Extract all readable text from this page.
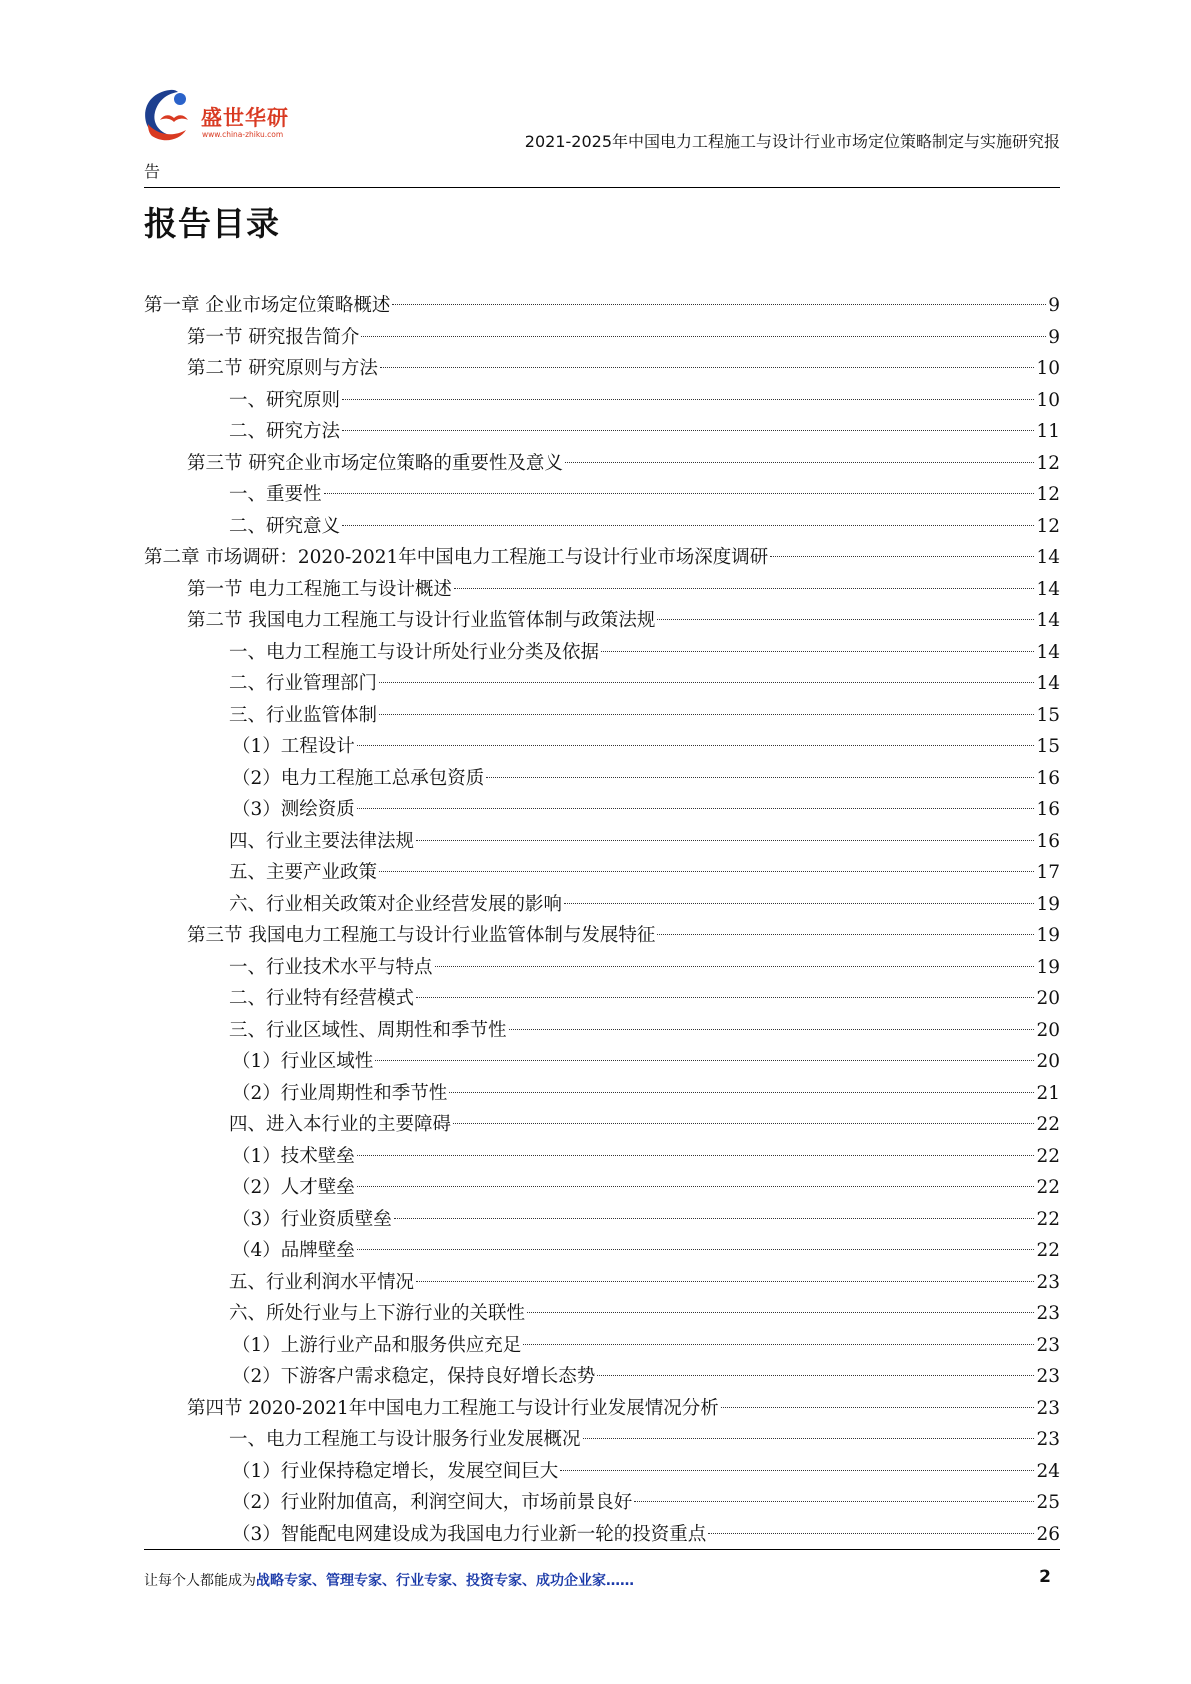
盛世华研
www.china-zhiku.com	2021-2025年中国电力工程施工与设计行业市场定位策略制定与实施研究报
告
报告目录
第一章 企业市场定位策略概述	9
第一节 研究报告简介	9
第二节 研究原则与方法	10
一、研究原则	10
二、研究方法	11
第三节 研究企业市场定位策略的重要性及意义	12
一、重要性	12
二、研究意义	12
第二章 市场调研：2020-2021年中国电力工程施工与设计行业市场深度调研	14
第一节 电力工程施工与设计概述	14
第二节 我国电力工程施工与设计行业监管体制与政策法规	14
一、电力工程施工与设计所处行业分类及依据	14
二、行业管理部门	14
三、行业监管体制	15
（1）工程设计	15
（2）电力工程施工总承包资质	16
（3）测绘资质	16
四、行业主要法律法规	16
五、主要产业政策	17
六、行业相关政策对企业经营发展的影响	19
第三节 我国电力工程施工与设计行业监管体制与发展特征	19
一、行业技术水平与特点	19
二、行业特有经营模式	20
三、行业区域性、周期性和季节性	20
（1）行业区域性	20
（2）行业周期性和季节性	21
四、进入本行业的主要障碍	22
（1）技术壁垒	22
（2）人才壁垒	22
（3）行业资质壁垒	22
（4）品牌壁垒	22
五、行业利润水平情况	23
六、所处行业与上下游行业的关联性	23
（1）上游行业产品和服务供应充足	23
（2）下游客户需求稳定，保持良好增长态势	23
第四节 2020-2021年中国电力工程施工与设计行业发展情况分析	23
一、电力工程施工与设计服务行业发展概况	23
（1）行业保持稳定增长，发展空间巨大	24
（2）行业附加值高，利润空间大，市场前景良好	25
（3）智能配电网建设成为我国电力行业新一轮的投资重点	26
让每个人都能成为战略专家、管理专家、行业专家、投资专家、成功企业家……	2
